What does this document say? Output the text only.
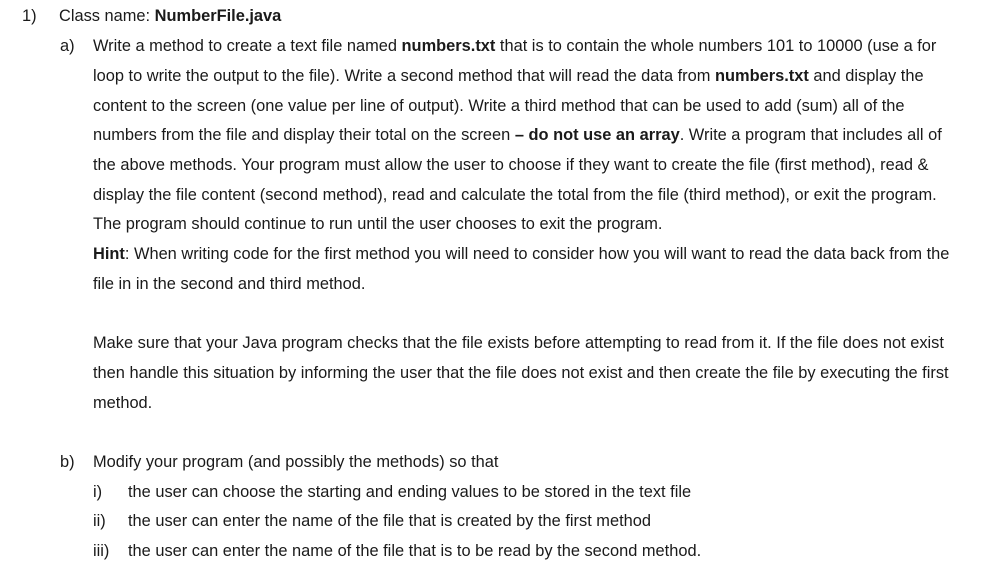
1) Class name: NumberFile.java
a) Write a method to create a text file named numbers.txt that is to contain the whole numbers 101 to 10000 (use a for
loop to write the output to the file). Write a second method that will read the data from numbers.txt and display the
content to the screen (one value per line of output). Write a third method that can be used to add (sum) all of the
numbers from the file and display their total on the screen – do not use an array. Write a program that includes all of
the above methods. Your program must allow the user to choose if they want to create the file (first method), read &
display the file content (second method), read and calculate the total from the file (third method), or exit the program.
The program should continue to run until the user chooses to exit the program.
Hint: When writing code for the first method you will need to consider how you will want to read the data back from the
file in in the second and third method.
Make sure that your Java program checks that the file exists before attempting to read from it. If the file does not exist
then handle this situation by informing the user that the file does not exist and then create the file by executing the first
method.
b) Modify your program (and possibly the methods) so that
i) the user can choose the starting and ending values to be stored in the text file
ii) the user can enter the name of the file that is created by the first method
iii) the user can enter the name of the file that is to be read by the second method.
